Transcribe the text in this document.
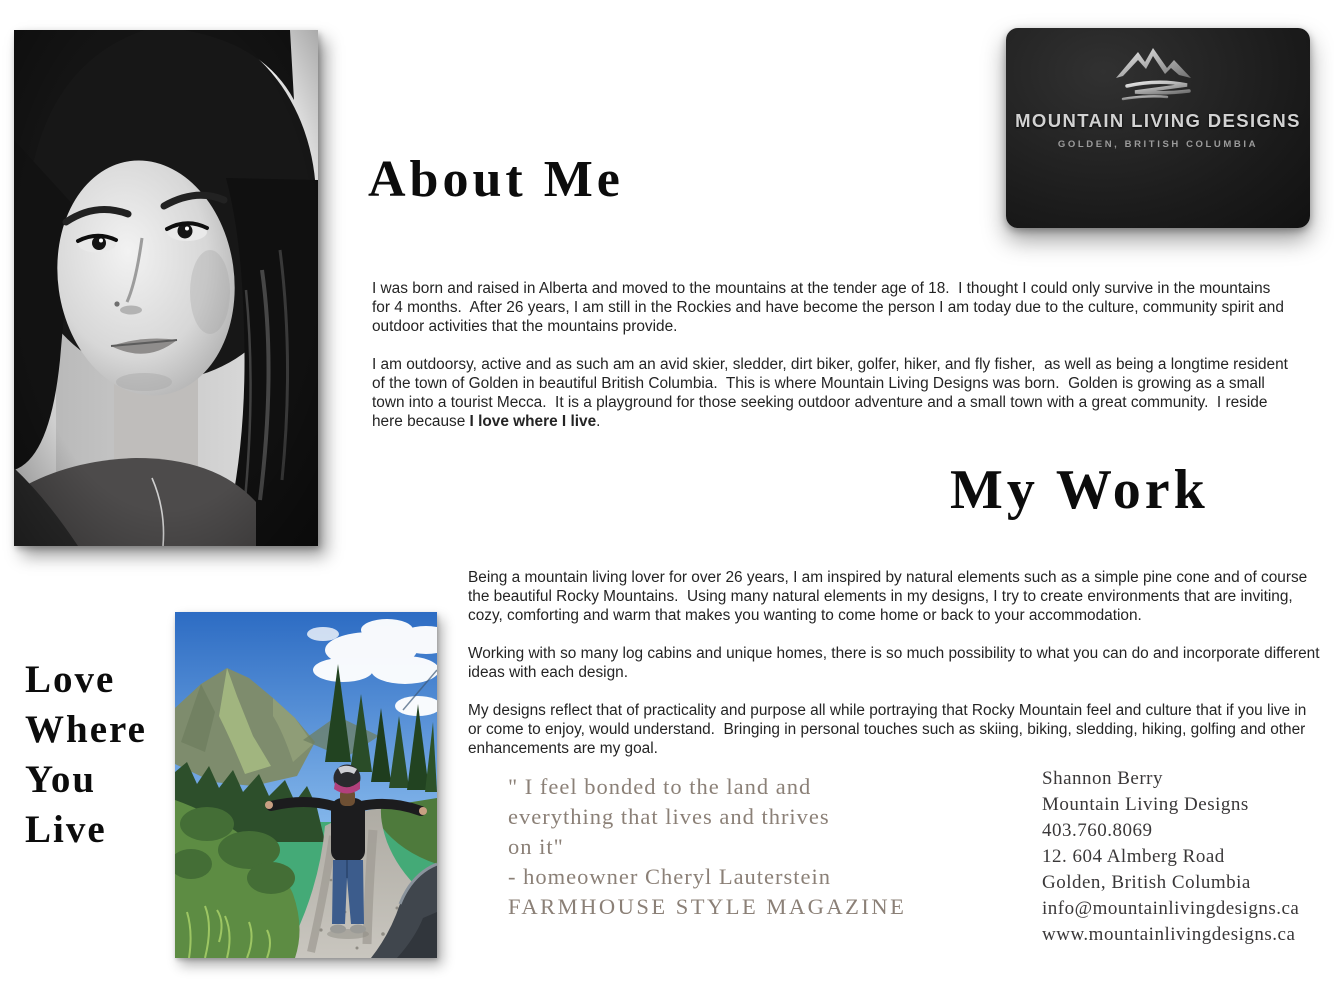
MOUNTAIN LIVING DESIGNS
GOLDEN, BRITISH COLUMBIA
About Me

I was born and raised in Alberta and moved to the mountains at the tender age of 18.  I thought I could only survive in the mountains for 4 months.  After 26 years, I am still in the Rockies and have become the person I am today due to the culture, community spirit and outdoor activities that the mountains provide.

I am outdoorsy, active and as such am an avid skier, sledder, dirt biker, golfer, hiker, and fly fisher,  as well as being a longtime resident of the town of Golden in beautiful British Columbia.  This is where Mountain Living Designs was born.  Golden is growing as a small town into a tourist Mecca.  It is a playground for those seeking outdoor adventure and a small town with a great community.  I reside here because I love where I live.

My Work

Being a mountain living lover for over 26 years, I am inspired by natural elements such as a simple pine cone and of course the beautiful Rocky Mountains.  Using many natural elements in my designs, I try to create environments that are inviting, cozy, comforting and warm that makes you wanting to come home or back to your accommodation.

Working with so many log cabins and unique homes, there is so much possibility to what you can do and incorporate different ideas with each design.

My designs reflect that of practicality and purpose all while portraying that Rocky Mountain feel and culture that if you live in or come to enjoy, would understand.  Bringing in personal touches such as skiing, biking, sledding, hiking, golfing and other enhancements are my goal.

Love
Where
You
Live
" I feel bonded to the land and
everything that lives and thrives
on it"
- homeowner Cheryl Lauterstein
FARMHOUSE STYLE MAGAZINE
Shannon Berry
Mountain Living Designs
403.760.8069
12. 604 Almberg Road
Golden, British Columbia
info@mountainlivingdesigns.ca
www.mountainlivingdesigns.ca
